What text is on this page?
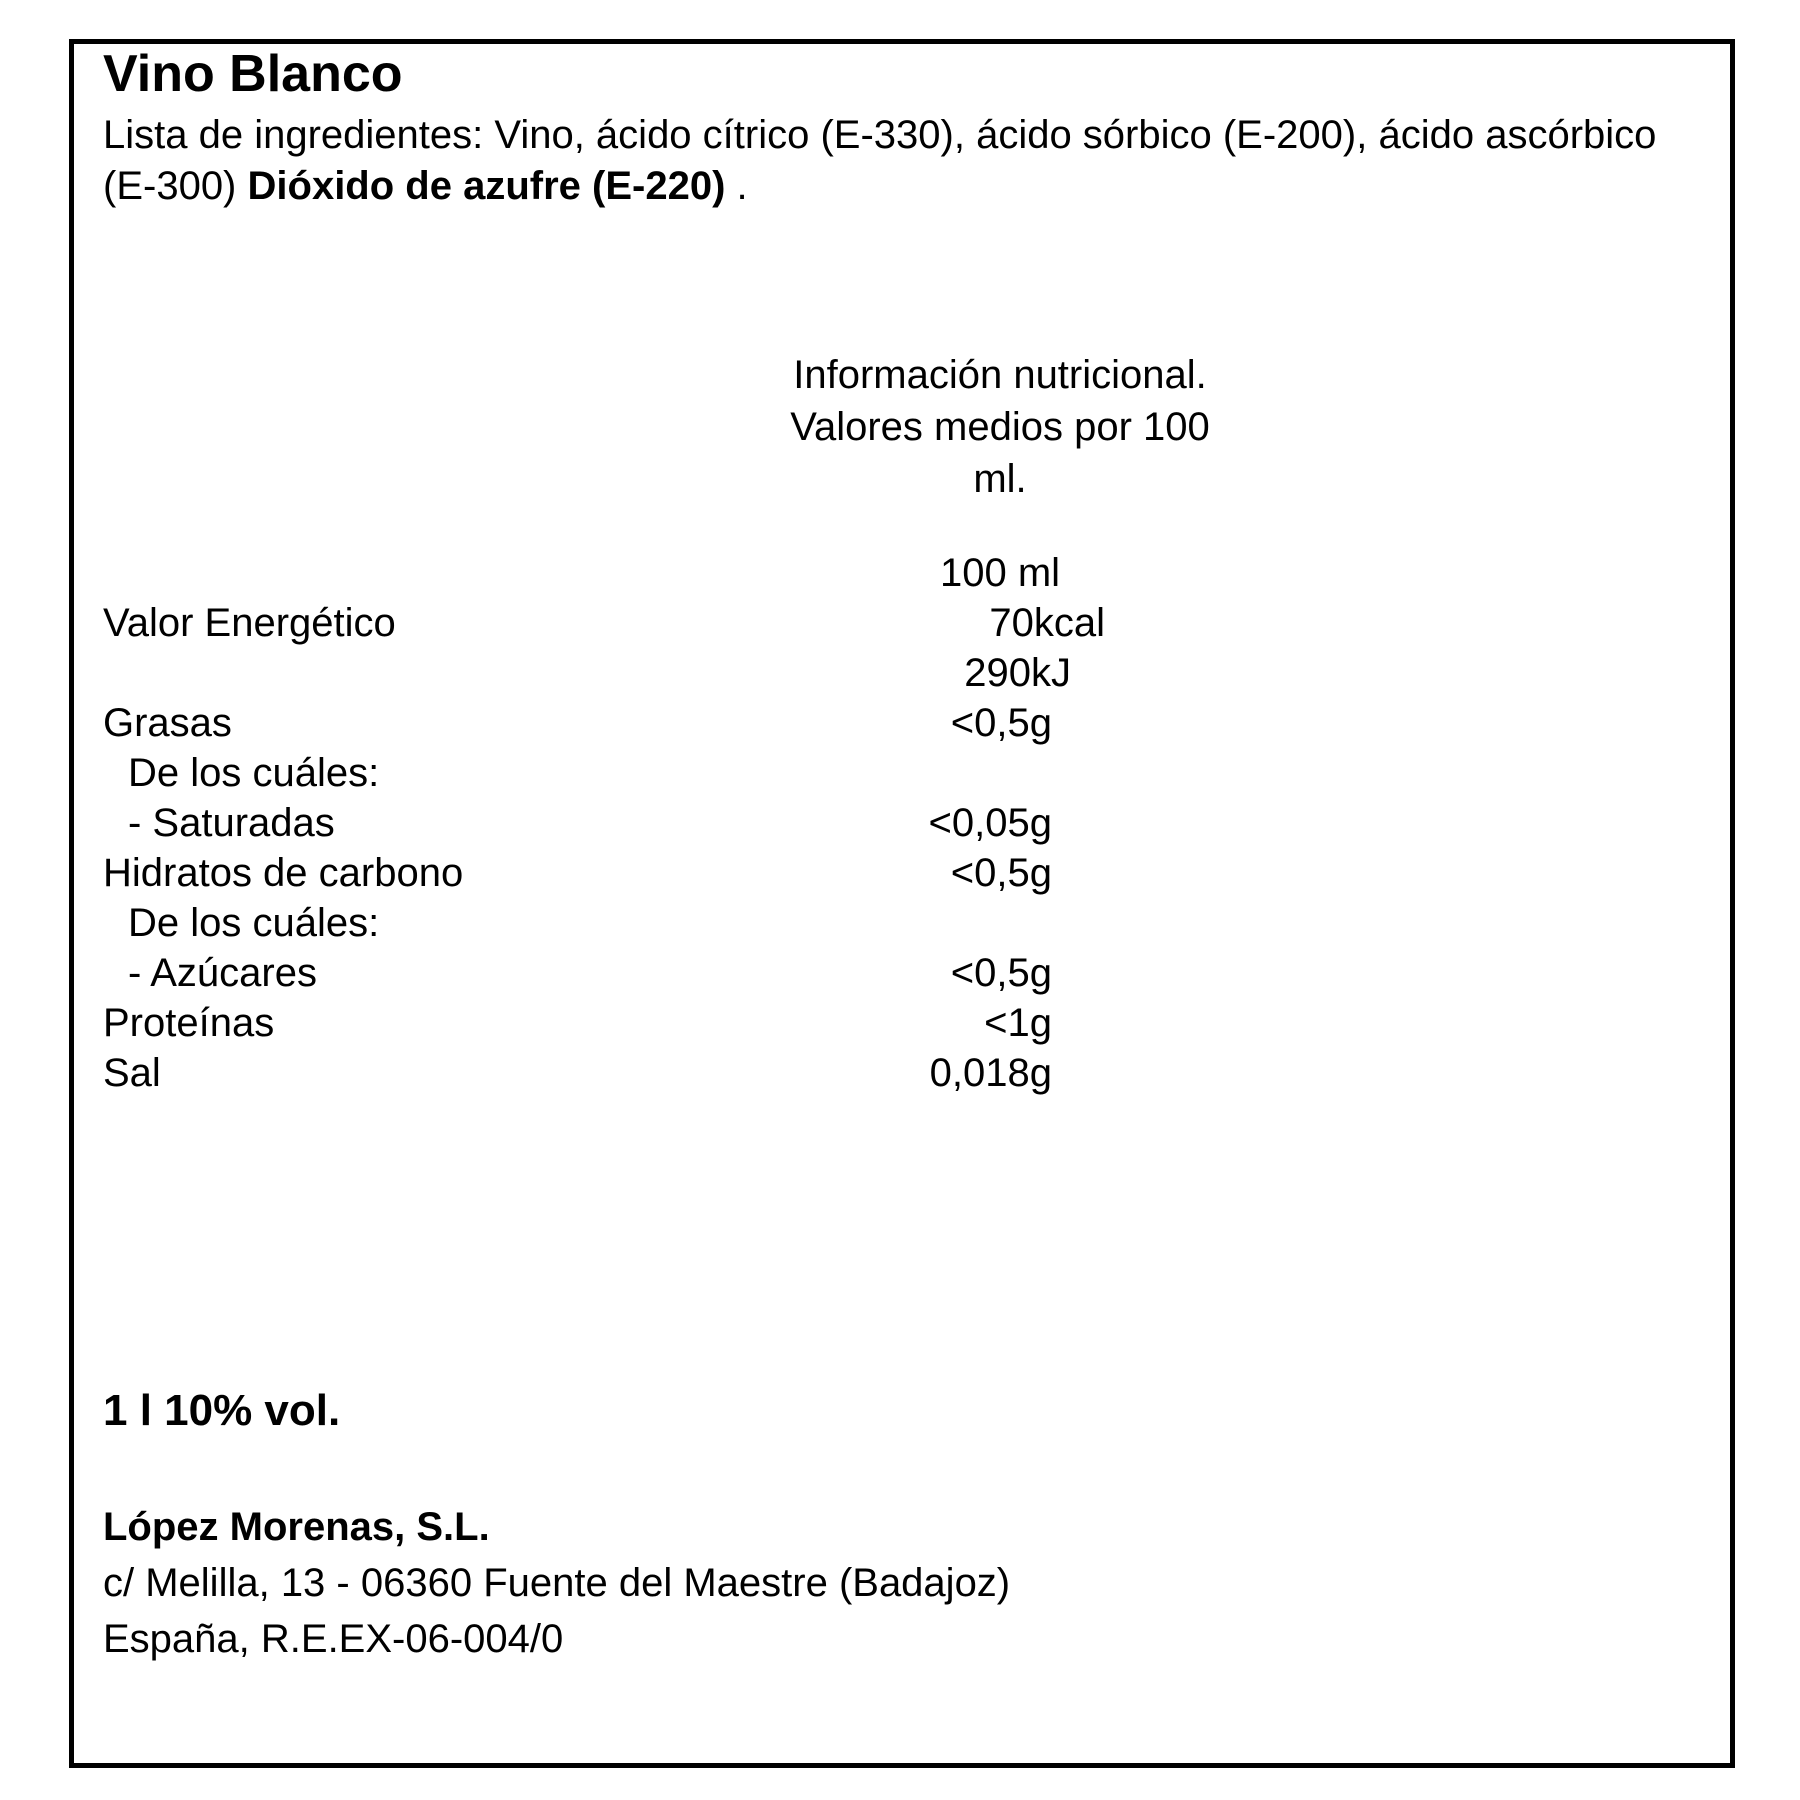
Vino Blanco
Lista de ingredientes: Vino, ácido cítrico (E-330), ácido sórbico (E-200), ácido ascórbico (E-300) Dióxido de azufre (E-220) .
Información nutricional.
Valores medios por 100
ml.
100 ml
Valor Energético	70kcal
290kJ
Grasas	<0,5g
De los cuáles:
- Saturadas	<0,05g
Hidratos de carbono	<0,5g
De los cuáles:
- Azúcares	<0,5g
Proteínas	<1g
Sal	0,018g
1 l 10% vol.
López Morenas, S.L.
c/ Melilla, 13 - 06360 Fuente del Maestre (Badajoz)
España, R.E.EX-06-004/0
